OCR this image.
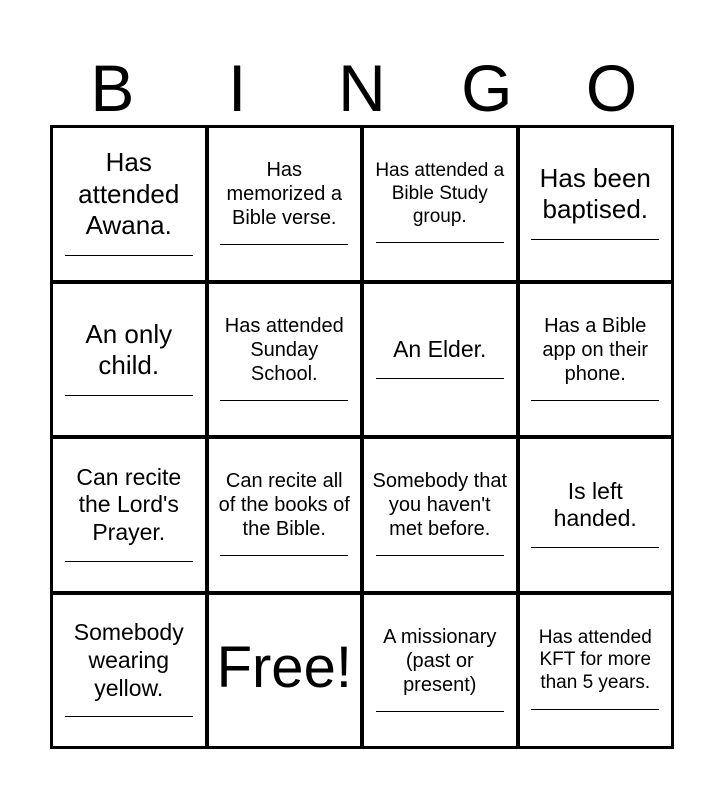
B	I	N	G	O
Has attended Awana.
Has memorized a Bible verse.
Has attended a Bible Study group.
Has been baptised.
An only child.
Has attended Sunday School.
An Elder.
Has a Bible app on their phone.
Can recite the Lord's Prayer.
Can recite all of the books of the Bible.
Somebody that you haven't met before.
Is left handed.
Somebody wearing yellow. Free!	A missionary (past or present)
Has attended KFT for more than 5 years.
